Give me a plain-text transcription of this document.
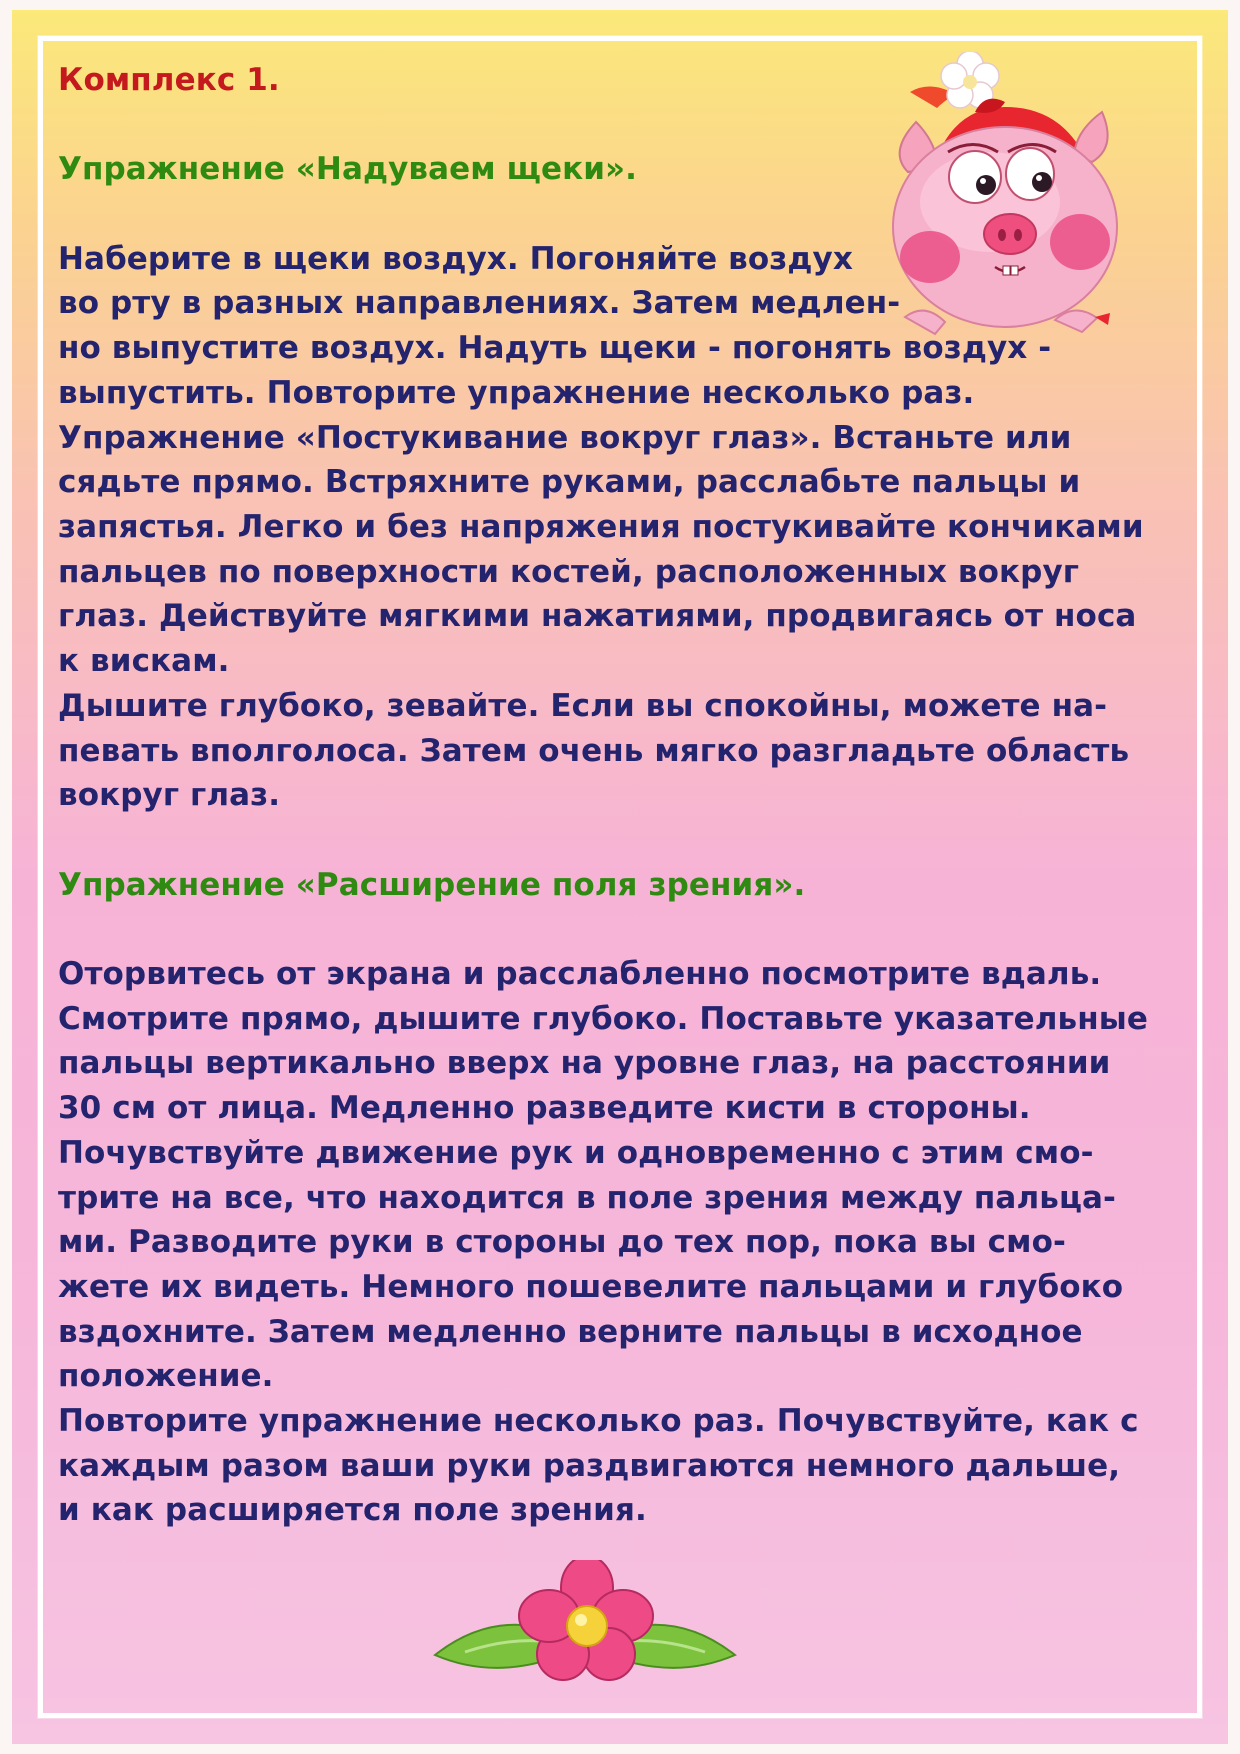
Комплекс 1.

Упражнение «Надуваем щеки».

Наберите в щеки воздух. Погоняйте воздух
во рту в разных направлениях. Затем медлен-
но выпустите воздух. Надуть щеки - погонять воздух -
выпустить. Повторите упражнение несколько раз.
Упражнение «Постукивание вокруг глаз». Встаньте или
сядьте прямо. Встряхните руками, расслабьте пальцы и
запястья. Легко и без напряжения постукивайте кончиками
пальцев по поверхности костей, расположенных вокруг
глаз. Действуйте мягкими нажатиями, продвигаясь от носа
к вискам.
Дышите глубоко, зевайте. Если вы спокойны, можете на-
певать вполголоса. Затем очень мягко разгладьте область
вокруг глаз.

Упражнение «Расширение поля зрения».

Оторвитесь от экрана и расслабленно посмотрите вдаль.
Смотрите прямо, дышите глубоко. Поставьте указательные
пальцы вертикально вверх на уровне глаз, на расстоянии
30 см от лица. Медленно разведите кисти в стороны.
Почувствуйте движение рук и одновременно с этим смо-
трите на все, что находится в поле зрения между пальца-
ми. Разводите руки в стороны до тех пор, пока вы смо-
жете их видеть. Немного пошевелите пальцами и глубоко
вздохните. Затем медленно верните пальцы в исходное
положение.
Повторите упражнение несколько раз. Почувствуйте, как с
каждым разом ваши руки раздвигаются немного дальше,
и как расширяется поле зрения.
